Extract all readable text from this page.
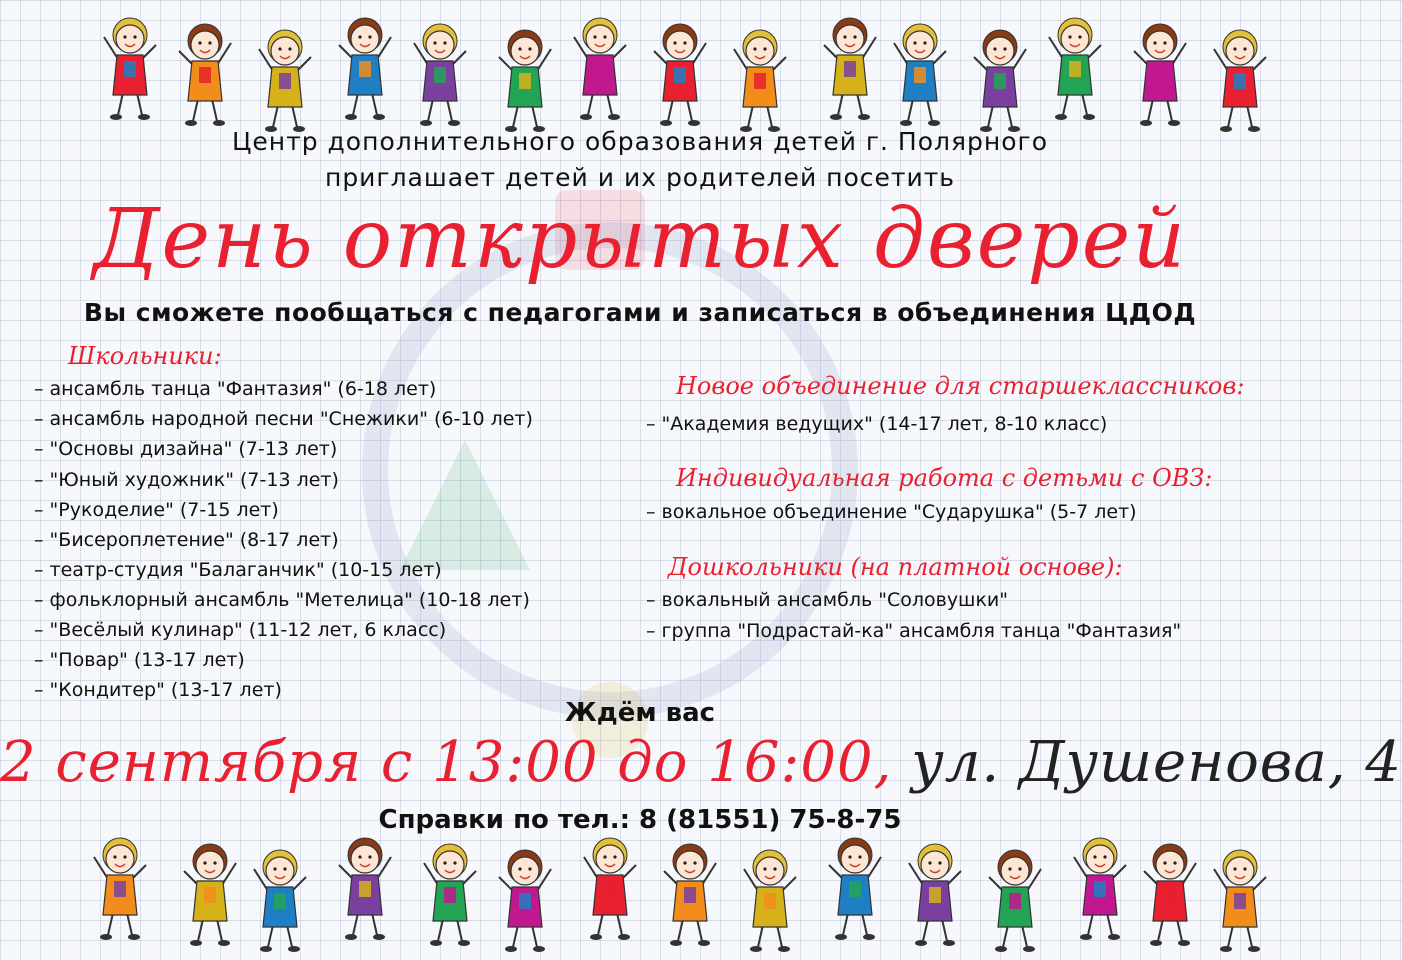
Центр дополнительного образования детей г. Полярного
приглашает детей и их родителей посетить
День открытых дверей
Вы сможете пообщаться с педагогами и записаться в объединения ЦДОД
Школьники:
– ансамбль танца "Фантазия" (6-18 лет)
– ансамбль народной песни "Снежики" (6-10 лет)
– "Основы дизайна" (7-13 лет)
– "Юный художник" (7-13 лет)
– "Рукоделие" (7-15 лет)
– "Бисероплетение" (8-17 лет)
– театр-студия "Балаганчик" (10-15 лет)
– фольклорный ансамбль "Метелица" (10-18 лет)
– "Весёлый кулинар" (11-12 лет, 6 класс)
– "Повар" (13-17 лет)
– "Кондитер" (13-17 лет)
Новое объединение для старшеклассников:
– "Академия ведущих" (14-17 лет, 8-10 класс)
Индивидуальная работа с детьми с ОВЗ:
– вокальное объединение "Сударушка" (5-7 лет)
Дошкольники (на платной основе):
– вокальный ансамбль "Соловушки"
– группа "Подрастай-ка" ансамбля танца "Фантазия"
Ждём вас
2 сентября с 13:00 до 16:00, ул. Душенова, 4
Справки по тел.: 8 (81551) 75-8-75
